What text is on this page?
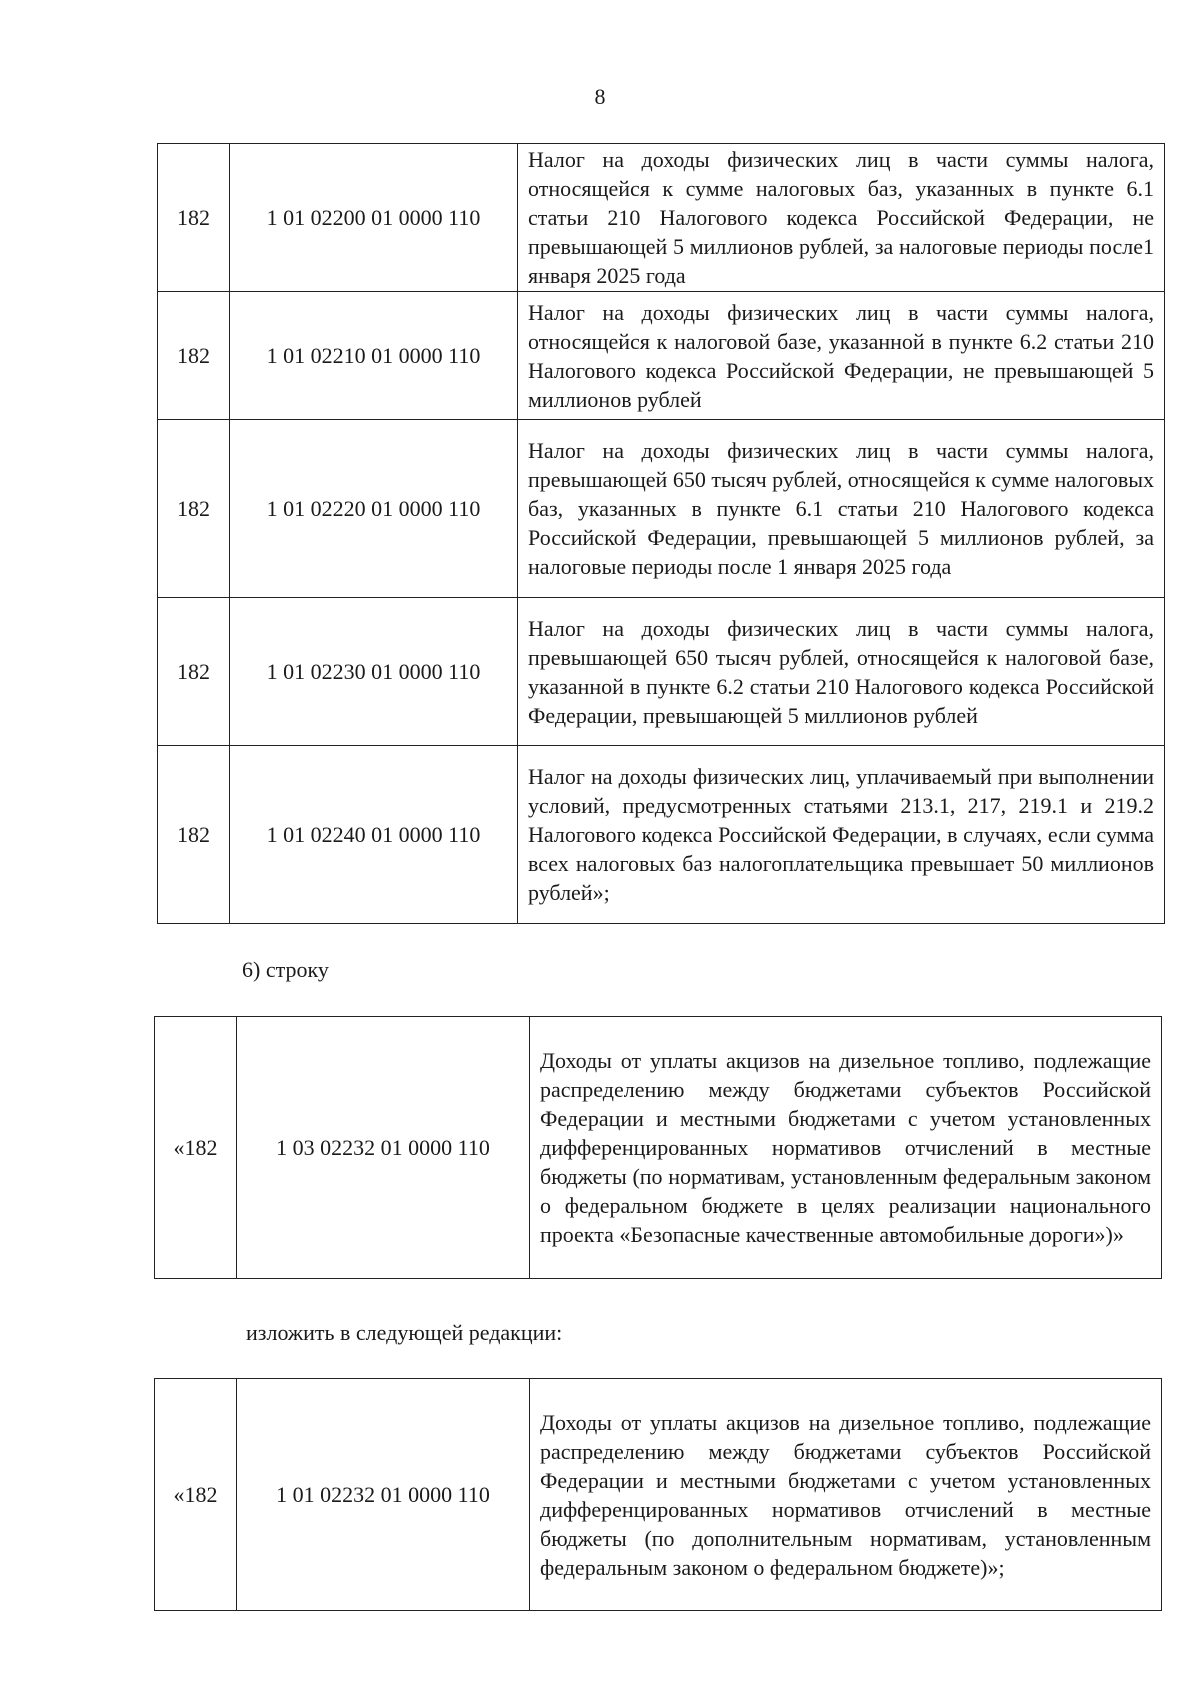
8
182	1 01 02200 01 0000 110	Налог на доходы физических лиц в части суммы налога, относящейся к сумме налоговых баз, указанных в пункте 6.1 статьи 210 Налогового кодекса Российской Федерации, не превышающей 5 миллионов рублей, за налоговые периоды после1 января 2025 года
182	1 01 02210 01 0000 110	Налог на доходы физических лиц в части суммы налога, относящейся к налоговой базе, указанной в пункте 6.2 статьи 210 Налогового кодекса Российской Федерации, не превышающей 5 миллионов рублей
182	1 01 02220 01 0000 110	Налог на доходы физических лиц в части суммы налога, превышающей 650 тысяч рублей, относящейся к сумме налоговых баз, указанных в пункте 6.1 статьи 210 Налогового кодекса Российской Федерации, превышающей 5 миллионов рублей, за налоговые периоды после 1 января 2025 года
182	1 01 02230 01 0000 110	Налог на доходы физических лиц в части суммы налога, превышающей 650 тысяч рублей, относящейся к налоговой базе, указанной в пункте 6.2 статьи 210 Налогового кодекса Российской Федерации, превышающей 5 миллионов рублей
182	1 01 02240 01 0000 110	Налог на доходы физических лиц, уплачиваемый при выполнении условий, предусмотренных статьями 213.1, 217, 219.1 и 219.2 Налогового кодекса Российской Федерации, в случаях, если сумма всех налоговых баз налогоплательщика превышает 50 миллионов рублей»;
6) строку
«182	1 03 02232 01 0000 110	Доходы от уплаты акцизов на дизельное топливо, подлежащие распределению между бюджетами субъектов Российской Федерации и местными бюджетами с учетом установленных дифференцированных нормативов отчислений в местные бюджеты (по нормативам, установленным федеральным законом о федеральном бюджете в целях реализации национального проекта «Безопасные качественные автомобильные дороги»)»
изложить в следующей редакции:
«182	1 01 02232 01 0000 110	Доходы от уплаты акцизов на дизельное топливо, подлежащие распределению между бюджетами субъектов Российской Федерации и местными бюджетами с учетом установленных дифференцированных нормативов отчислений в местные бюджеты (по дополнительным нормативам, установленным федеральным законом о федеральном бюджете)»;
